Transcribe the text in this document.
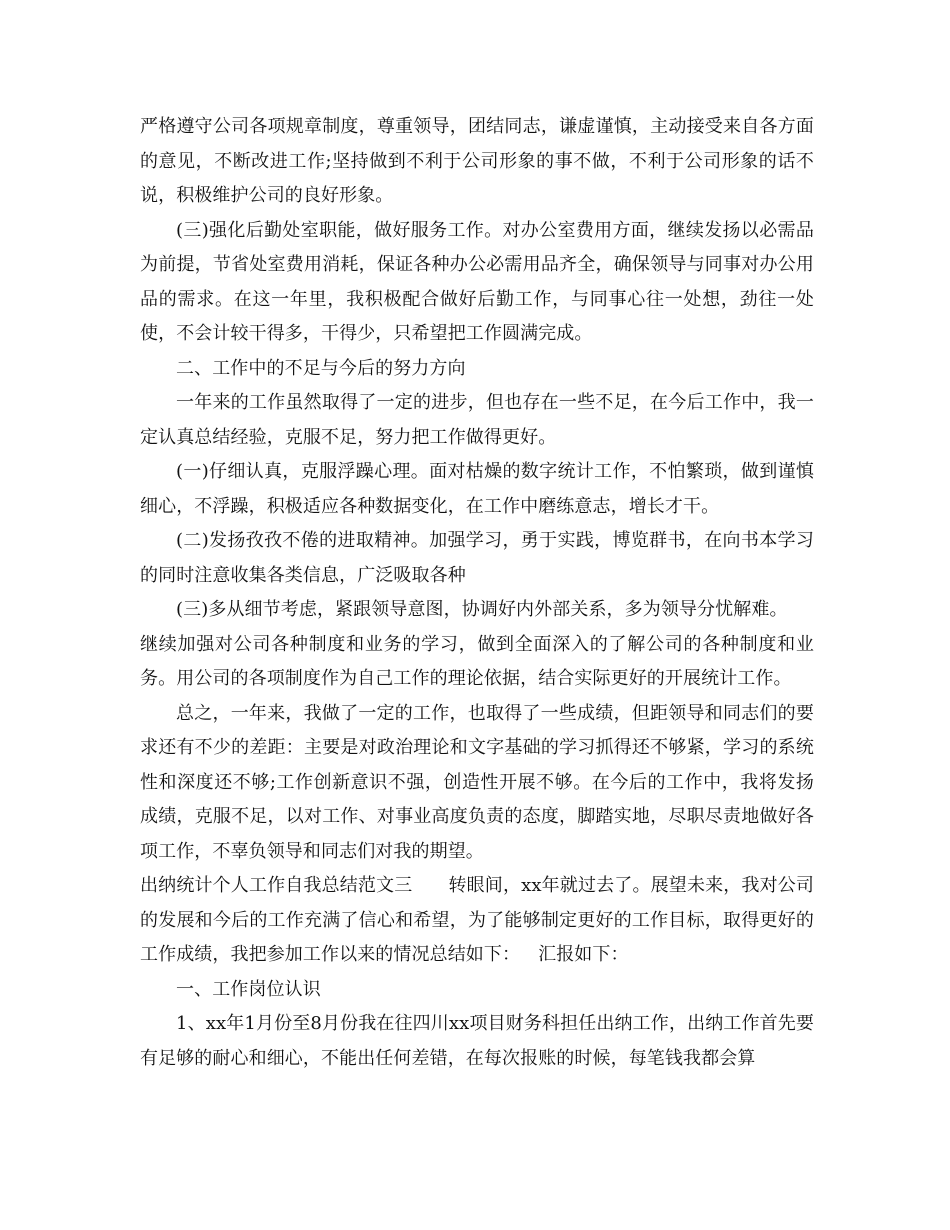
严格遵守公司各项规章制度，尊重领导，团结同志，谦虚谨慎，主动接受来自各方面的意见，不断改进工作;坚持做到不利于公司形象的事不做，不利于公司形象的话不说，积极维护公司的良好形象。

(三)强化后勤处室职能，做好服务工作。对办公室费用方面，继续发扬以必需品为前提，节省处室费用消耗，保证各种办公必需用品齐全，确保领导与同事对办公用品的需求。在这一年里，我积极配合做好后勤工作，与同事心往一处想，劲往一处使，不会计较干得多，干得少，只希望把工作圆满完成。

二、工作中的不足与今后的努力方向

一年来的工作虽然取得了一定的进步，但也存在一些不足，在今后工作中，我一定认真总结经验，克服不足，努力把工作做得更好。

(一)仔细认真，克服浮躁心理。面对枯燥的数字统计工作，不怕繁琐，做到谨慎细心，不浮躁，积极适应各种数据变化，在工作中磨练意志，增长才干。

(二)发扬孜孜不倦的进取精神。加强学习，勇于实践，博览群书，在向书本学习的同时注意收集各类信息，广泛吸取各种

(三)多从细节考虑，紧跟领导意图，协调好内外部关系，多为领导分忧解难。

继续加强对公司各种制度和业务的学习，做到全面深入的了解公司的各种制度和业务。用公司的各项制度作为自己工作的理论依据，结合实际更好的开展统计工作。

总之，一年来，我做了一定的工作，也取得了一些成绩，但距领导和同志们的要求还有不少的差距：主要是对政治理论和文字基础的学习抓得还不够紧，学习的系统性和深度还不够;工作创新意识不强，创造性开展不够。在今后的工作中，我将发扬成绩，克服不足，以对工作、对事业高度负责的态度，脚踏实地，尽职尽责地做好各项工作，不辜负领导和同志们对我的期望。

出纳统计个人工作自我总结范文三 转眼间，xx年就过去了。展望未来，我对公司的发展和今后的工作充满了信心和希望，为了能够制定更好的工作目标，取得更好的工作成绩，我把参加工作以来的情况总结如下： 汇报如下：

一、工作岗位认识

1、xx年1月份至8月份我在往四川xx项目财务科担任出纳工作，出纳工作首先要有足够的耐心和细心，不能出任何差错，在每次报账的时候，每笔钱我都会算
